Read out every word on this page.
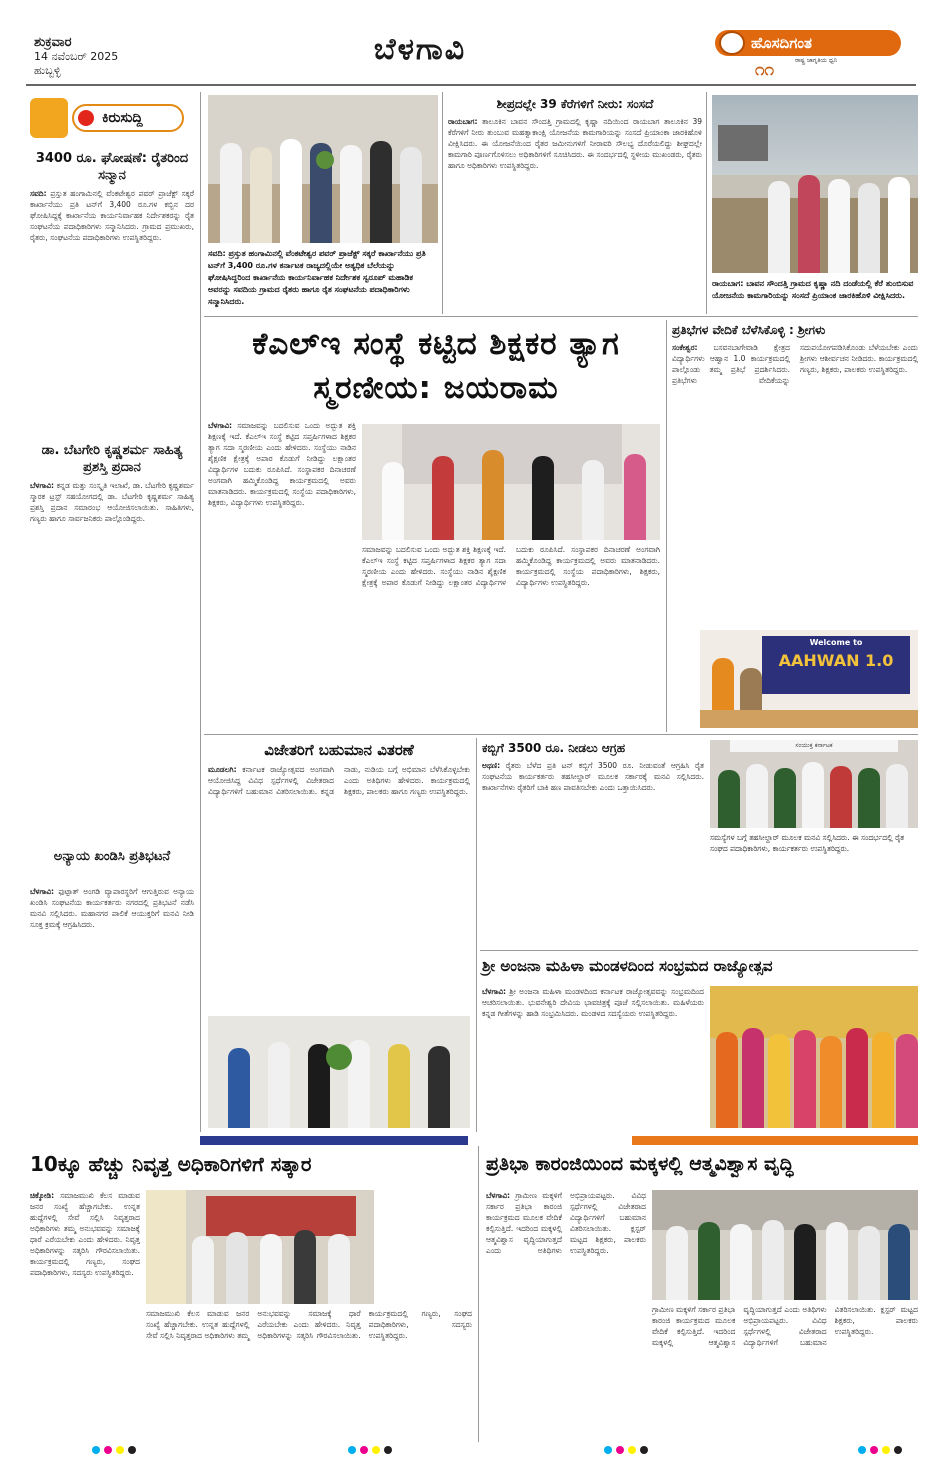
ಶುಕ್ರವಾರ
14 ನವೆಂಬರ್ 2025
ಹುಬ್ಬಳ್ಳಿ
ಬೆಳಗಾವಿ	ಹೊಸದಿಗಂತ
ರಾಷ್ಟ್ರ ಜಾಗೃತಿಯ ಧ್ವನಿ
೧೧
ಕಿರುಸುದ್ದಿ
3400 ರೂ. ಘೋಷಣೆ: ರೈತರಿಂದ ಸನ್ಮಾನ
ಸವದಿ: ಪ್ರಸ್ತುತ ಹಂಗಾಮಿನಲ್ಲಿ ವೆಂಕಟೇಶ್ವರ ಪವರ್ ಪ್ರಾಜೆಕ್ಟ್ ಸಕ್ಕರೆ ಕಾರ್ಖಾನೆಯು ಪ್ರತಿ ಟನ್‌ಗೆ 3,400 ರೂ.ಗಳ ಕಬ್ಬಿನ ದರ ಘೋಷಿಸಿದ್ದಕ್ಕೆ ಕಾರ್ಖಾನೆಯ ಕಾರ್ಯನಿರ್ವಾಹಕ ನಿರ್ದೇಶಕರನ್ನು ರೈತ ಸಂಘಟನೆಯ ಪದಾಧಿಕಾರಿಗಳು ಸನ್ಮಾನಿಸಿದರು. ಗ್ರಾಮದ ಪ್ರಮುಖರು, ರೈತರು, ಸಂಘಟನೆಯ ಪದಾಧಿಕಾರಿಗಳು ಉಪಸ್ಥಿತರಿದ್ದರು.
ಡಾ. ಬೆಟಗೇರಿ ಕೃಷ್ಣಶರ್ಮ ಸಾಹಿತ್ಯ ಪ್ರಶಸ್ತಿ ಪ್ರದಾನ
ಬೆಳಗಾವಿ: ಕನ್ನಡ ಮತ್ತು ಸಂಸ್ಕೃತಿ ಇಲಾಖೆ, ಡಾ. ಬೆಟಗೇರಿ ಕೃಷ್ಣಶರ್ಮ ಸ್ಮಾರಕ ಟ್ರಸ್ಟ್ ಸಹಯೋಗದಲ್ಲಿ ಡಾ. ಬೆಟಗೇರಿ ಕೃಷ್ಣಶರ್ಮ ಸಾಹಿತ್ಯ ಪ್ರಶಸ್ತಿ ಪ್ರದಾನ ಸಮಾರಂಭ ಆಯೋಜಿಸಲಾಯಿತು. ಸಾಹಿತಿಗಳು, ಗಣ್ಯರು ಹಾಗೂ ಸಾರ್ವಜನಿಕರು ಪಾಲ್ಗೊಂಡಿದ್ದರು.
ಅನ್ಯಾಯ ಖಂಡಿಸಿ ಪ್ರತಿಭಟನೆ
ಬೆಳಗಾವಿ: ಫುಟ್ಪಾತ್ ಅಂಗಡಿ ವ್ಯಾಪಾರಸ್ಥರಿಗೆ ಆಗುತ್ತಿರುವ ಅನ್ಯಾಯ ಖಂಡಿಸಿ ಸಂಘಟನೆಯ ಕಾರ್ಯಕರ್ತರು ನಗರದಲ್ಲಿ ಪ್ರತಿಭಟನೆ ನಡೆಸಿ ಮನವಿ ಸಲ್ಲಿಸಿದರು. ಮಹಾನಗರ ಪಾಲಿಕೆ ಆಯುಕ್ತರಿಗೆ ಮನವಿ ನೀಡಿ ಸೂಕ್ತ ಕ್ರಮಕ್ಕೆ ಆಗ್ರಹಿಸಿದರು.
ಸವದಿ: ಪ್ರಸ್ತುತ ಹಂಗಾಮಿನಲ್ಲಿ ವೆಂಕಟೇಶ್ವರ ಪವರ್ ಪ್ರಾಜೆಕ್ಟ್ ಸಕ್ಕರೆ ಕಾರ್ಖಾನೆಯು ಪ್ರತಿ ಟನ್‌ಗೆ 3,400 ರೂ.ಗಳ ಕರ್ನಾಟಕ ರಾಜ್ಯದಲ್ಲಿಯೇ ಅತ್ಯಧಿಕ ಬೆಲೆಯನ್ನು ಘೋಷಿಸಿದ್ದರಿಂದ ಕಾರ್ಖಾನೆಯ ಕಾರ್ಯನಿರ್ವಾಹಕ ನಿರ್ದೇಶಕ ಸ್ವರೂಪ್ ಮಹಾಡಿಕ ಅವರನ್ನು ಸವದಿಯ ಗ್ರಾಮದ ರೈತರು ಹಾಗೂ ರೈತ ಸಂಘಟನೆಯ ಪದಾಧಿಕಾರಿಗಳು ಸನ್ಮಾನಿಸಿದರು.
ಶೀಪ್ರದಲ್ಲೇ 39 ಕೆರೆಗಳಿಗೆ ನೀರು: ಸಂಸದೆ
ರಾಯಬಾಗ: ತಾಲೂಕಿನ ಬಾವನ ಸೌಂದತ್ತಿ ಗ್ರಾಮದಲ್ಲಿ ಕೃಷ್ಣಾ ನದಿಯಿಂದ ರಾಯಬಾಗ ತಾಲೂಕಿನ 39 ಕೆರೆಗಳಿಗೆ ನೀರು ತುಂಬುವ ಮಹತ್ವಾಕಾಂಕ್ಷಿ ಯೋಜನೆಯ ಕಾಮಗಾರಿಯನ್ನು ಸಂಸದೆ ಪ್ರಿಯಾಂಕಾ ಜಾರಕಿಹೊಳಿ ವೀಕ್ಷಿಸಿದರು. ಈ ಯೋಜನೆಯಿಂದ ರೈತರ ಜಮೀನುಗಳಿಗೆ ನೀರಾವರಿ ಸೌಲಭ್ಯ ದೊರೆಯಲಿದ್ದು ಶೀಘ್ರದಲ್ಲೇ ಕಾಮಗಾರಿ ಪೂರ್ಣಗೊಳಿಸಲು ಅಧಿಕಾರಿಗಳಿಗೆ ಸೂಚಿಸಿದರು. ಈ ಸಂದರ್ಭದಲ್ಲಿ ಸ್ಥಳೀಯ ಮುಖಂಡರು, ರೈತರು ಹಾಗೂ ಅಧಿಕಾರಿಗಳು ಉಪಸ್ಥಿತರಿದ್ದರು.
ರಾಯಬಾಗ: ಬಾವನ ಸೌಂದತ್ತಿ ಗ್ರಾಮದ ಕೃಷ್ಣಾ ನದಿ ದಂಡೆಯಲ್ಲಿ ಕೆರೆ ತುಂಬಿಸುವ ಯೋಜನೆಯ ಕಾಮಗಾರಿಯನ್ನು ಸಂಸದೆ ಪ್ರಿಯಾಂಕ ಜಾರಕಿಹೊಳಿ ವೀಕ್ಷಿಸಿದರು.
ಕೆಎಲ್‌ಇ ಸಂಸ್ಥೆ ಕಟ್ಟಿದ ಶಿಕ್ಷಕರ ತ್ಯಾಗ ಸ್ಮರಣೀಯ: ಜಯರಾಮ
ಬೆಳಗಾವಿ: ಸಮಾಜವನ್ನು ಬದಲಿಸುವ ಒಂದು ಅದ್ಭುತ ಶಕ್ತಿ ಶಿಕ್ಷಣಕ್ಕೆ ಇದೆ. ಕೆಎಲ್‌ಇ ಸಂಸ್ಥೆ ಕಟ್ಟಿದ ಸಪ್ತರ್ಷಿಗಳಾದ ಶಿಕ್ಷಕರ ತ್ಯಾಗ ಸದಾ ಸ್ಮರಣೀಯ ಎಂದು ಹೇಳಿದರು. ಸಂಸ್ಥೆಯು ನಾಡಿನ ಶೈಕ್ಷಣಿಕ ಕ್ಷೇತ್ರಕ್ಕೆ ಅಪಾರ ಕೊಡುಗೆ ನೀಡಿದ್ದು ಲಕ್ಷಾಂತರ ವಿದ್ಯಾರ್ಥಿಗಳ ಬದುಕು ರೂಪಿಸಿದೆ. ಸಂಸ್ಥಾಪಕರ ದಿನಾಚರಣೆ ಅಂಗವಾಗಿ ಹಮ್ಮಿಕೊಂಡಿದ್ದ ಕಾರ್ಯಕ್ರಮದಲ್ಲಿ ಅವರು ಮಾತನಾಡಿದರು. ಕಾರ್ಯಕ್ರಮದಲ್ಲಿ ಸಂಸ್ಥೆಯ ಪದಾಧಿಕಾರಿಗಳು, ಶಿಕ್ಷಕರು, ವಿದ್ಯಾರ್ಥಿಗಳು ಉಪಸ್ಥಿತರಿದ್ದರು.
ಸಮಾಜವನ್ನು ಬದಲಿಸುವ ಒಂದು ಅದ್ಭುತ ಶಕ್ತಿ ಶಿಕ್ಷಣಕ್ಕೆ ಇದೆ. ಕೆಎಲ್‌ಇ ಸಂಸ್ಥೆ ಕಟ್ಟಿದ ಸಪ್ತರ್ಷಿಗಳಾದ ಶಿಕ್ಷಕರ ತ್ಯಾಗ ಸದಾ ಸ್ಮರಣೀಯ ಎಂದು ಹೇಳಿದರು. ಸಂಸ್ಥೆಯು ನಾಡಿನ ಶೈಕ್ಷಣಿಕ ಕ್ಷೇತ್ರಕ್ಕೆ ಅಪಾರ ಕೊಡುಗೆ ನೀಡಿದ್ದು ಲಕ್ಷಾಂತರ ವಿದ್ಯಾರ್ಥಿಗಳ ಬದುಕು ರೂಪಿಸಿದೆ. ಸಂಸ್ಥಾಪಕರ ದಿನಾಚರಣೆ ಅಂಗವಾಗಿ ಹಮ್ಮಿಕೊಂಡಿದ್ದ ಕಾರ್ಯಕ್ರಮದಲ್ಲಿ ಅವರು ಮಾತನಾಡಿದರು. ಕಾರ್ಯಕ್ರಮದಲ್ಲಿ ಸಂಸ್ಥೆಯ ಪದಾಧಿಕಾರಿಗಳು, ಶಿಕ್ಷಕರು, ವಿದ್ಯಾರ್ಥಿಗಳು ಉಪಸ್ಥಿತರಿದ್ದರು.
ಪ್ರತಿಭೆಗಳ ವೇದಿಕೆ ಬೆಳೆಸಿಕೊಳ್ಳಿ : ಶ್ರೀಗಳು
ಸಂಕೇಶ್ವರ: ಬಸವನಬಾಗೇವಾಡಿ ಕ್ಷೇತ್ರದ ವಿದ್ಯಾರ್ಥಿಗಳು ಆಹ್ವಾನ 1.0 ಕಾರ್ಯಕ್ರಮದಲ್ಲಿ ಪಾಲ್ಗೊಂಡು ತಮ್ಮ ಪ್ರತಿಭೆ ಪ್ರದರ್ಶಿಸಿದರು. ಪ್ರತಿಭೆಗಳು ವೇದಿಕೆಯನ್ನು ಸದುಪಯೋಗಪಡಿಸಿಕೊಂಡು ಬೆಳೆಯಬೇಕು ಎಂದು ಶ್ರೀಗಳು ಆಶೀರ್ವಚನ ನೀಡಿದರು. ಕಾರ್ಯಕ್ರಮದಲ್ಲಿ ಗಣ್ಯರು, ಶಿಕ್ಷಕರು, ಪಾಲಕರು ಉಪಸ್ಥಿತರಿದ್ದರು.
Welcome to
AAHWAN 1.0
ವಿಜೇತರಿಗೆ ಬಹುಮಾನ ವಿತರಣೆ
ಮೂಡಲಗಿ: ಕರ್ನಾಟಕ ರಾಜ್ಯೋತ್ಸವದ ಅಂಗವಾಗಿ ಆಯೋಜಿಸಿದ್ದ ವಿವಿಧ ಸ್ಪರ್ಧೆಗಳಲ್ಲಿ ವಿಜೇತರಾದ ವಿದ್ಯಾರ್ಥಿಗಳಿಗೆ ಬಹುಮಾನ ವಿತರಿಸಲಾಯಿತು. ಕನ್ನಡ ನಾಡು, ನುಡಿಯ ಬಗ್ಗೆ ಅಭಿಮಾನ ಬೆಳೆಸಿಕೊಳ್ಳಬೇಕು ಎಂದು ಅತಿಥಿಗಳು ಹೇಳಿದರು. ಕಾರ್ಯಕ್ರಮದಲ್ಲಿ ಶಿಕ್ಷಕರು, ಪಾಲಕರು ಹಾಗೂ ಗಣ್ಯರು ಉಪಸ್ಥಿತರಿದ್ದರು.
ಕಬ್ಬಿಗೆ 3500 ರೂ. ನೀಡಲು ಆಗ್ರಹ
ಅಥಣಿ: ರೈತರು ಬೆಳೆದ ಪ್ರತಿ ಟನ್ ಕಬ್ಬಿಗೆ 3500 ರೂ. ನೀಡುವಂತೆ ಆಗ್ರಹಿಸಿ ರೈತ ಸಂಘಟನೆಯ ಕಾರ್ಯಕರ್ತರು ತಹಸೀಲ್ದಾರ್ ಮೂಲಕ ಸರ್ಕಾರಕ್ಕೆ ಮನವಿ ಸಲ್ಲಿಸಿದರು. ಕಾರ್ಖಾನೆಗಳು ರೈತರಿಗೆ ಬಾಕಿ ಹಣ ಪಾವತಿಸಬೇಕು ಎಂದು ಒತ್ತಾಯಿಸಿದರು.
ಸಂಯುಕ್ತ ಕರ್ನಾಟಕ
ಸಮಸ್ಯೆಗಳ ಬಗ್ಗೆ ತಹಸೀಲ್ದಾರ್ ಮೂಲಕ ಮನವಿ ಸಲ್ಲಿಸಿದರು. ಈ ಸಂದರ್ಭದಲ್ಲಿ ರೈತ ಸಂಘದ ಪದಾಧಿಕಾರಿಗಳು, ಕಾರ್ಯಕರ್ತರು ಉಪಸ್ಥಿತರಿದ್ದರು.
ಶ್ರೀ ಅಂಜನಾ ಮಹಿಳಾ ಮಂಡಳದಿಂದ ಸಂಭ್ರಮದ ರಾಜ್ಯೋತ್ಸವ
ಬೆಳಗಾವಿ: ಶ್ರೀ ಅಂಜನಾ ಮಹಿಳಾ ಮಂಡಳದಿಂದ ಕರ್ನಾಟಕ ರಾಜ್ಯೋತ್ಸವವನ್ನು ಸಂಭ್ರಮದಿಂದ ಆಚರಿಸಲಾಯಿತು. ಭುವನೇಶ್ವರಿ ದೇವಿಯ ಭಾವಚಿತ್ರಕ್ಕೆ ಪೂಜೆ ಸಲ್ಲಿಸಲಾಯಿತು. ಮಹಿಳೆಯರು ಕನ್ನಡ ಗೀತೆಗಳನ್ನು ಹಾಡಿ ಸಂಭ್ರಮಿಸಿದರು. ಮಂಡಳದ ಸದಸ್ಯೆಯರು ಉಪಸ್ಥಿತರಿದ್ದರು.
10ಕ್ಕೂ ಹೆಚ್ಚು ನಿವೃತ್ತ ಅಧಿಕಾರಿಗಳಿಗೆ ಸತ್ಕಾರ
ಚಿಕ್ಕೋಡಿ: ಸಮಾಜಮುಖಿ ಕೆಲಸ ಮಾಡುವ ಜನರ ಸಂಖ್ಯೆ ಹೆಚ್ಚಾಗಬೇಕು. ಉನ್ನತ ಹುದ್ದೆಗಳಲ್ಲಿ ಸೇವೆ ಸಲ್ಲಿಸಿ ನಿವೃತ್ತರಾದ ಅಧಿಕಾರಿಗಳು ತಮ್ಮ ಅನುಭವವನ್ನು ಸಮಾಜಕ್ಕೆ ಧಾರೆ ಎರೆಯಬೇಕು ಎಂದು ಹೇಳಿದರು. ನಿವೃತ್ತ ಅಧಿಕಾರಿಗಳನ್ನು ಸತ್ಕರಿಸಿ ಗೌರವಿಸಲಾಯಿತು. ಕಾರ್ಯಕ್ರಮದಲ್ಲಿ ಗಣ್ಯರು, ಸಂಘದ ಪದಾಧಿಕಾರಿಗಳು, ಸದಸ್ಯರು ಉಪಸ್ಥಿತರಿದ್ದರು.
ಸಮಾಜಮುಖಿ ಕೆಲಸ ಮಾಡುವ ಜನರ ಸಂಖ್ಯೆ ಹೆಚ್ಚಾಗಬೇಕು. ಉನ್ನತ ಹುದ್ದೆಗಳಲ್ಲಿ ಸೇವೆ ಸಲ್ಲಿಸಿ ನಿವೃತ್ತರಾದ ಅಧಿಕಾರಿಗಳು ತಮ್ಮ ಅನುಭವವನ್ನು ಸಮಾಜಕ್ಕೆ ಧಾರೆ ಎರೆಯಬೇಕು ಎಂದು ಹೇಳಿದರು. ನಿವೃತ್ತ ಅಧಿಕಾರಿಗಳನ್ನು ಸತ್ಕರಿಸಿ ಗೌರವಿಸಲಾಯಿತು. ಕಾರ್ಯಕ್ರಮದಲ್ಲಿ ಗಣ್ಯರು, ಸಂಘದ ಪದಾಧಿಕಾರಿಗಳು, ಸದಸ್ಯರು ಉಪಸ್ಥಿತರಿದ್ದರು.
ಪ್ರತಿಭಾ ಕಾರಂಜಿಯಿಂದ ಮಕ್ಕಳಲ್ಲಿ ಆತ್ಮವಿಶ್ವಾಸ ವೃದ್ಧಿ
ಬೆಳಗಾವಿ: ಗ್ರಾಮೀಣ ಮಕ್ಕಳಿಗೆ ಸರ್ಕಾರ ಪ್ರತಿಭಾ ಕಾರಂಜಿ ಕಾರ್ಯಕ್ರಮದ ಮೂಲಕ ವೇದಿಕೆ ಕಲ್ಪಿಸುತ್ತಿದೆ. ಇದರಿಂದ ಮಕ್ಕಳಲ್ಲಿ ಆತ್ಮವಿಶ್ವಾಸ ವೃದ್ಧಿಯಾಗುತ್ತದೆ ಎಂದು ಅತಿಥಿಗಳು ಅಭಿಪ್ರಾಯಪಟ್ಟರು. ವಿವಿಧ ಸ್ಪರ್ಧೆಗಳಲ್ಲಿ ವಿಜೇತರಾದ ವಿದ್ಯಾರ್ಥಿಗಳಿಗೆ ಬಹುಮಾನ ವಿತರಿಸಲಾಯಿತು. ಕ್ಲಸ್ಟರ್ ಮಟ್ಟದ ಶಿಕ್ಷಕರು, ಪಾಲಕರು ಉಪಸ್ಥಿತರಿದ್ದರು.
ಗ್ರಾಮೀಣ ಮಕ್ಕಳಿಗೆ ಸರ್ಕಾರ ಪ್ರತಿಭಾ ಕಾರಂಜಿ ಕಾರ್ಯಕ್ರಮದ ಮೂಲಕ ವೇದಿಕೆ ಕಲ್ಪಿಸುತ್ತಿದೆ. ಇದರಿಂದ ಮಕ್ಕಳಲ್ಲಿ ಆತ್ಮವಿಶ್ವಾಸ ವೃದ್ಧಿಯಾಗುತ್ತದೆ ಎಂದು ಅತಿಥಿಗಳು ಅಭಿಪ್ರಾಯಪಟ್ಟರು. ವಿವಿಧ ಸ್ಪರ್ಧೆಗಳಲ್ಲಿ ವಿಜೇತರಾದ ವಿದ್ಯಾರ್ಥಿಗಳಿಗೆ ಬಹುಮಾನ ವಿತರಿಸಲಾಯಿತು. ಕ್ಲಸ್ಟರ್ ಮಟ್ಟದ ಶಿಕ್ಷಕರು, ಪಾಲಕರು ಉಪಸ್ಥಿತರಿದ್ದರು.
